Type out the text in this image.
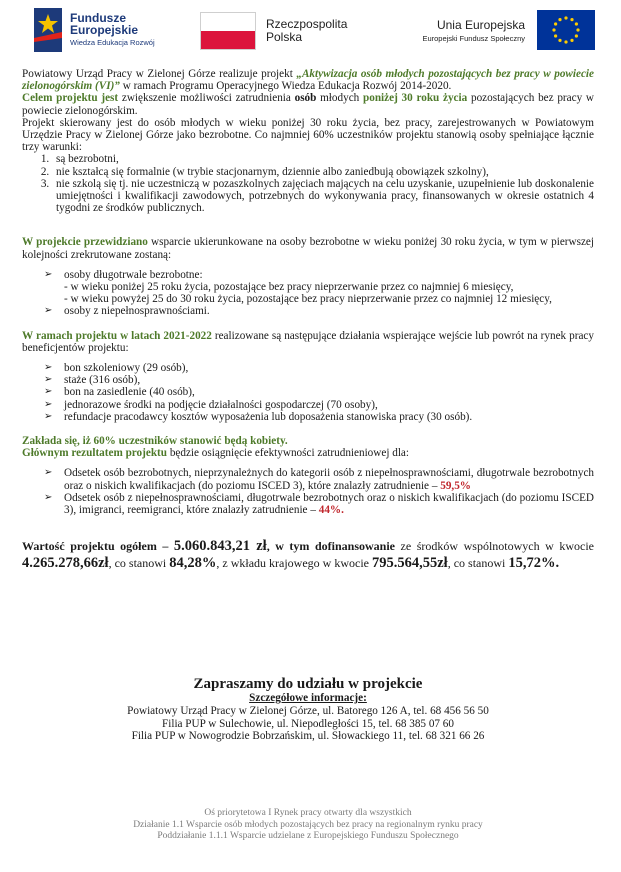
Fundusze
Europejskie
Wiedza Edukacja Rozwój
Rzeczpospolita
Polska
Unia Europejska
Europejski Fundusz Społeczny

Powiatowy Urząd Pracy w Zielonej Górze realizuje projekt „Aktywizacja osób młodych pozostających bez pracy w powiecie zielonogórskim (VI)” w ramach Programu Operacyjnego Wiedza Edukacja Rozwój 2014-2020.

Celem projektu jest zwiększenie możliwości zatrudnienia osób młodych poniżej 30 roku życia pozostających bez pracy w powiecie zielonogórskim.

Projekt skierowany jest do osób młodych w wieku poniżej 30 roku życia, bez pracy, zarejestrowanych w Powiatowym Urzędzie Pracy w Zielonej Górze jako bezrobotne. Co najmniej 60% uczestników projektu stanowią osoby spełniające łącznie trzy warunki:

1. są bezrobotni,
2. nie kształcą się formalnie (w trybie stacjonarnym, dziennie albo zaniedbują obowiązek szkolny),
3. nie szkolą się tj. nie uczestniczą w pozaszkolnych zajęciach mających na celu uzyskanie, uzupełnienie lub doskonalenie umiejętności i kwalifikacji zawodowych, potrzebnych do wykonywania pracy, finansowanych w okresie ostatnich 4 tygodni ze środków publicznych.

W projekcie przewidziano wsparcie ukierunkowane na osoby bezrobotne w wieku poniżej 30 roku życia, w tym w pierwszej kolejności zrekrutowane zostaną:

➢ osoby długotrwale bezrobotne:
- w wieku poniżej 25 roku życia, pozostające bez pracy nieprzerwanie przez co najmniej 6 miesięcy,
- w wieku powyżej 25 do 30 roku życia, pozostające bez pracy nieprzerwanie przez co najmniej 12 miesięcy,
➢ osoby z niepełnosprawnościami.

W ramach projektu w latach 2021-2022 realizowane są następujące działania wspierające wejście lub powrót na rynek pracy beneficjentów projektu:

➢ bon szkoleniowy (29 osób),
➢ staże (316 osób),
➢ bon na zasiedlenie (40 osób),
➢ jednorazowe środki na podjęcie działalności gospodarczej (70 osoby),
➢ refundacje pracodawcy kosztów wyposażenia lub doposażenia stanowiska pracy (30 osób).

Zakłada się, iż 60% uczestników stanowić będą kobiety.

Głównym rezultatem projektu będzie osiągnięcie efektywności zatrudnieniowej dla:

➢ Odsetek osób bezrobotnych, nieprzynależnych do kategorii osób z niepełnosprawnościami, długotrwale bezrobotnych oraz o niskich kwalifikacjach (do poziomu ISCED 3), które znalazły zatrudnienie – 59,5%
➢ Odsetek osób z niepełnosprawnościami, długotrwale bezrobotnych oraz o niskich kwalifikacjach (do poziomu ISCED 3), imigranci, reemigranci, które znalazły zatrudnienie – 44%.

Wartość projektu ogółem – 5.060.843,21 zł, w tym dofinansowanie ze środków wspólnotowych w kwocie 4.265.278,66zł, co stanowi 84,28%, z wkładu krajowego w kwocie 795.564,55zł, co stanowi 15,72%.

Zapraszamy do udziału w projekcie
Szczegółowe informacje:
Powiatowy Urząd Pracy w Zielonej Górze, ul. Batorego 126 A, tel. 68 456 56 50
Filia PUP w Sulechowie, ul. Niepodległości 15, tel. 68 385 07 60
Filia PUP w Nowogrodzie Bobrzańskim, ul. Słowackiego 11, tel. 68 321 66 26
Oś priorytetowa I Rynek pracy otwarty dla wszystkich
Działanie 1.1 Wsparcie osób młodych pozostających bez pracy na regionalnym rynku pracy
Poddziałanie 1.1.1 Wsparcie udzielane z Europejskiego Funduszu Społecznego
